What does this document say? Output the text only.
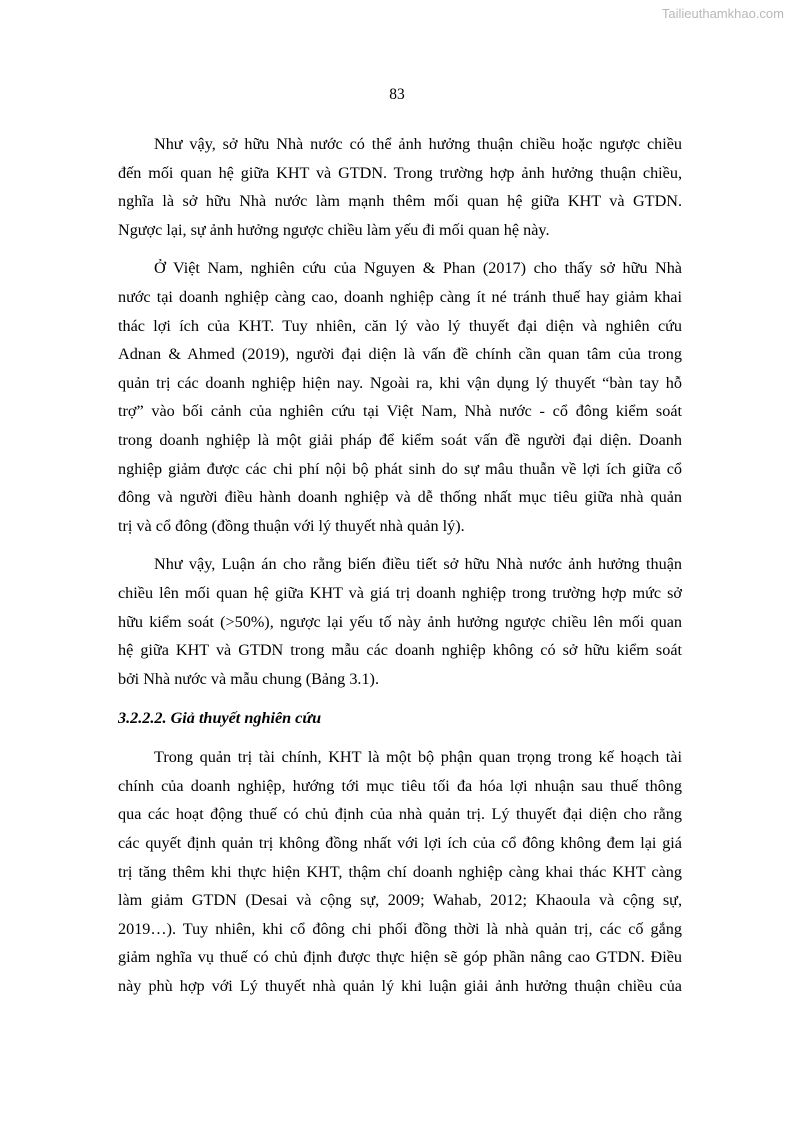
Tailieuthamkhao.com
83

Như vậy, sở hữu Nhà nước có thể ảnh hưởng thuận chiều hoặc ngược chiều
đến mối quan hệ giữa KHT và GTDN. Trong trường hợp ảnh hưởng thuận chiều,
nghĩa là sở hữu Nhà nước làm mạnh thêm mối quan hệ giữa KHT và GTDN.
Ngược lại, sự ảnh hưởng ngược chiều làm yếu đi mối quan hệ này.

Ở Việt Nam, nghiên cứu của Nguyen & Phan (2017) cho thấy sở hữu Nhà
nước tại doanh nghiệp càng cao, doanh nghiệp càng ít né tránh thuế hay giảm khai
thác lợi ích của KHT. Tuy nhiên, căn lý vào lý thuyết đại diện và nghiên cứu
Adnan & Ahmed (2019), người đại diện là vấn đề chính cần quan tâm của trong
quản trị các doanh nghiệp hiện nay. Ngoài ra, khi vận dụng lý thuyết “bàn tay hỗ
trợ” vào bối cảnh của nghiên cứu tại Việt Nam, Nhà nước - cổ đông kiểm soát
trong doanh nghiệp là một giải pháp để kiểm soát vấn đề người đại diện. Doanh
nghiệp giảm được các chi phí nội bộ phát sinh do sự mâu thuẫn về lợi ích giữa cổ
đông và người điều hành doanh nghiệp và dễ thống nhất mục tiêu giữa nhà quản
trị và cổ đông (đồng thuận với lý thuyết nhà quản lý).

Như vậy, Luận án cho rằng biến điều tiết sở hữu Nhà nước ảnh hưởng thuận
chiều lên mối quan hệ giữa KHT và giá trị doanh nghiệp trong trường hợp mức sở
hữu kiểm soát (>50%), ngược lại yếu tố này ảnh hưởng ngược chiều lên mối quan
hệ giữa KHT và GTDN trong mẫu các doanh nghiệp không có sở hữu kiểm soát
bởi Nhà nước và mẫu chung (Bảng 3.1).

3.2.2.2. Giả thuyết nghiên cứu

Trong quản trị tài chính, KHT là một bộ phận quan trọng trong kế hoạch tài
chính của doanh nghiệp, hướng tới mục tiêu tối đa hóa lợi nhuận sau thuế thông
qua các hoạt động thuế có chủ định của nhà quản trị. Lý thuyết đại diện cho rằng
các quyết định quản trị không đồng nhất với lợi ích của cổ đông không đem lại giá
trị tăng thêm khi thực hiện KHT, thậm chí doanh nghiệp càng khai thác KHT càng
làm giảm GTDN (Desai và cộng sự, 2009; Wahab, 2012; Khaoula và cộng sự,
2019…). Tuy nhiên, khi cổ đông chi phối đồng thời là nhà quản trị, các cố gắng
giảm nghĩa vụ thuế có chủ định được thực hiện sẽ góp phần nâng cao GTDN. Điều
này phù hợp với Lý thuyết nhà quản lý khi luận giải ảnh hưởng thuận chiều của
